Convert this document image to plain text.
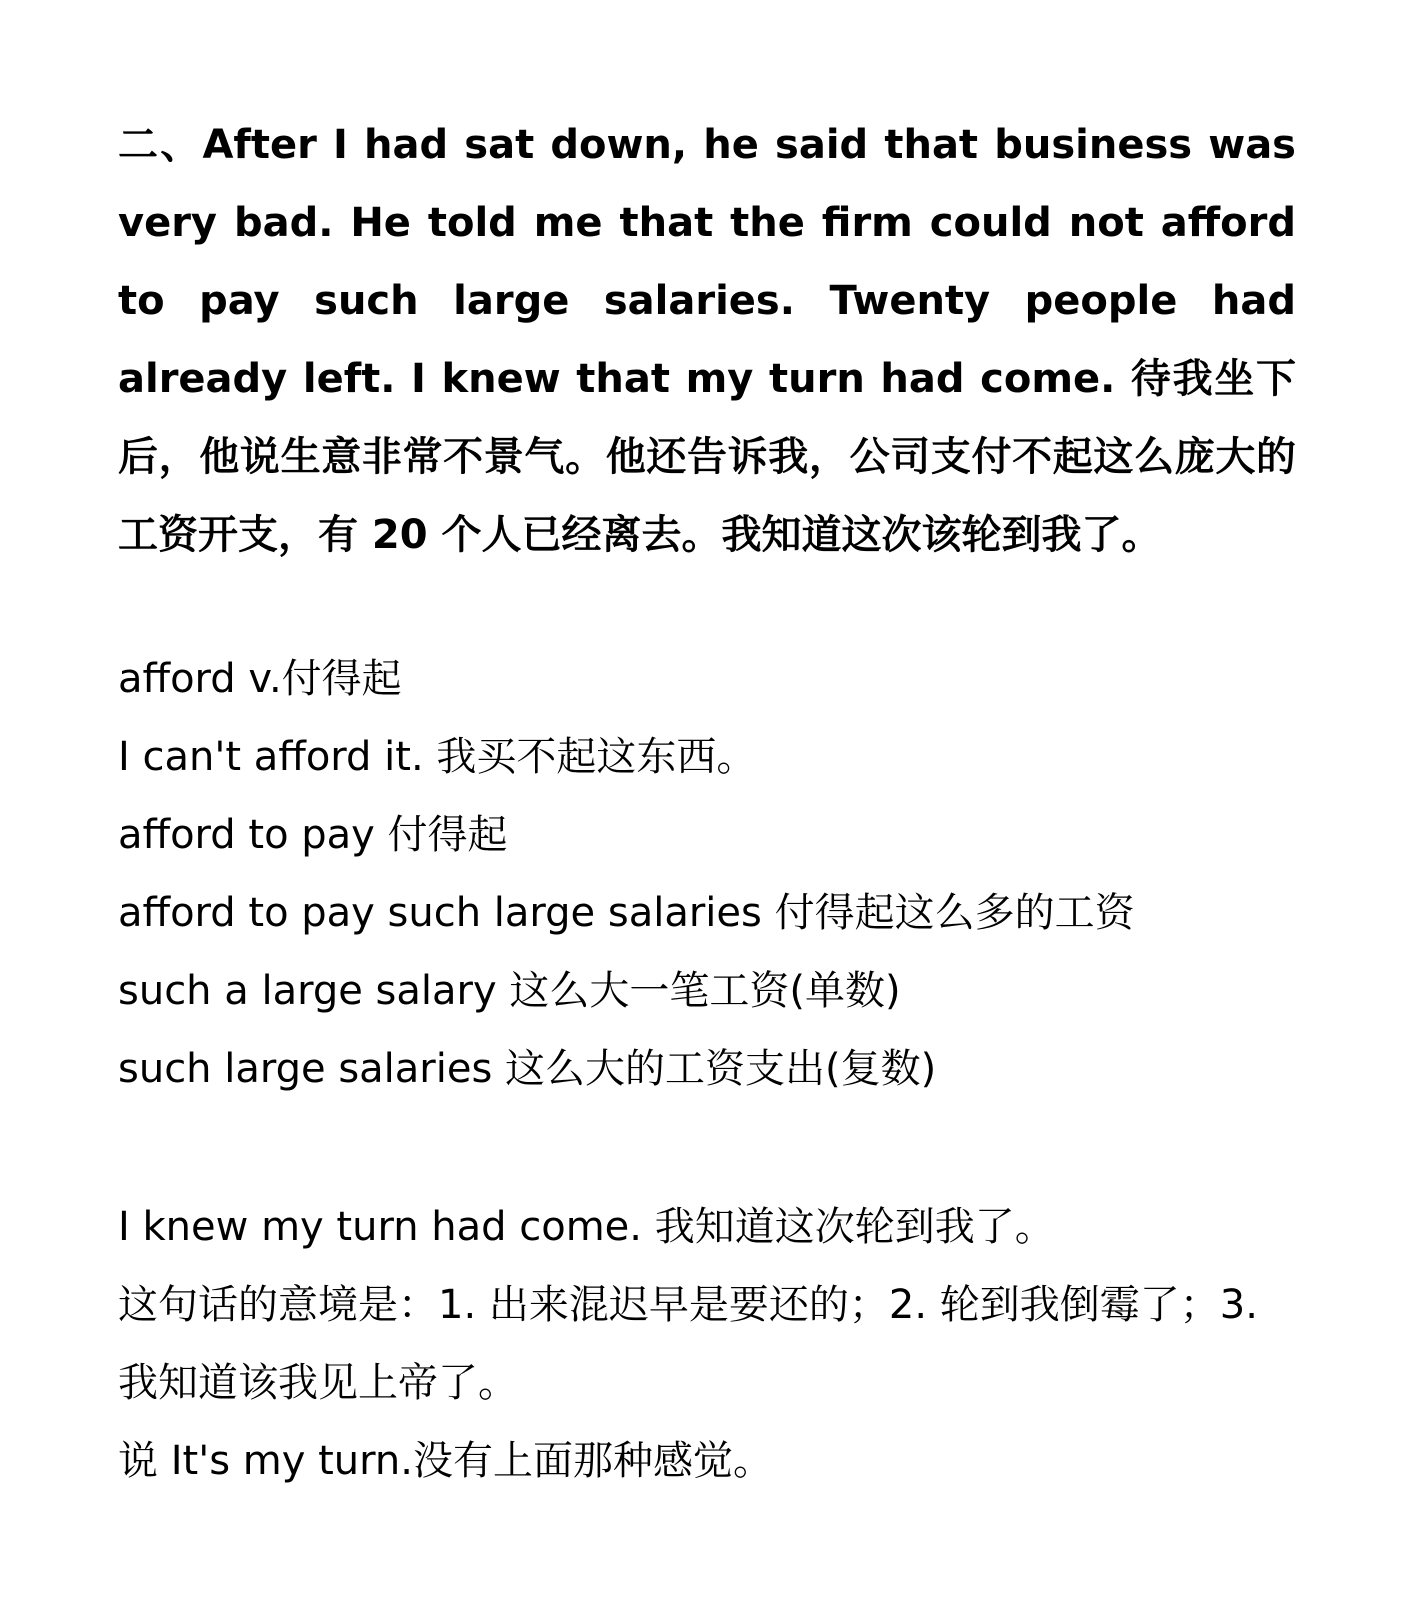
二、After I had sat down, he said that business was very bad. He told me that the firm could not afford to pay such large salaries. Twenty people had already left. I knew that my turn had come. 待我坐下后，他说生意非常不景气。他还告诉我，公司支付不起这么庞大的工资开支，有 20 个人已经离去。我知道这次该轮到我了。

afford v.付得起

I can't afford it. 我买不起这东西。

afford to pay 付得起

afford to pay such large salaries 付得起这么多的工资

such a large salary 这么大一笔工资(单数)

such large salaries 这么大的工资支出(复数)

I knew my turn had come. 我知道这次轮到我了。

这句话的意境是：1. 出来混迟早是要还的；2. 轮到我倒霉了；3. 我知道该我见上帝了。

说 It's my turn.没有上面那种感觉。
